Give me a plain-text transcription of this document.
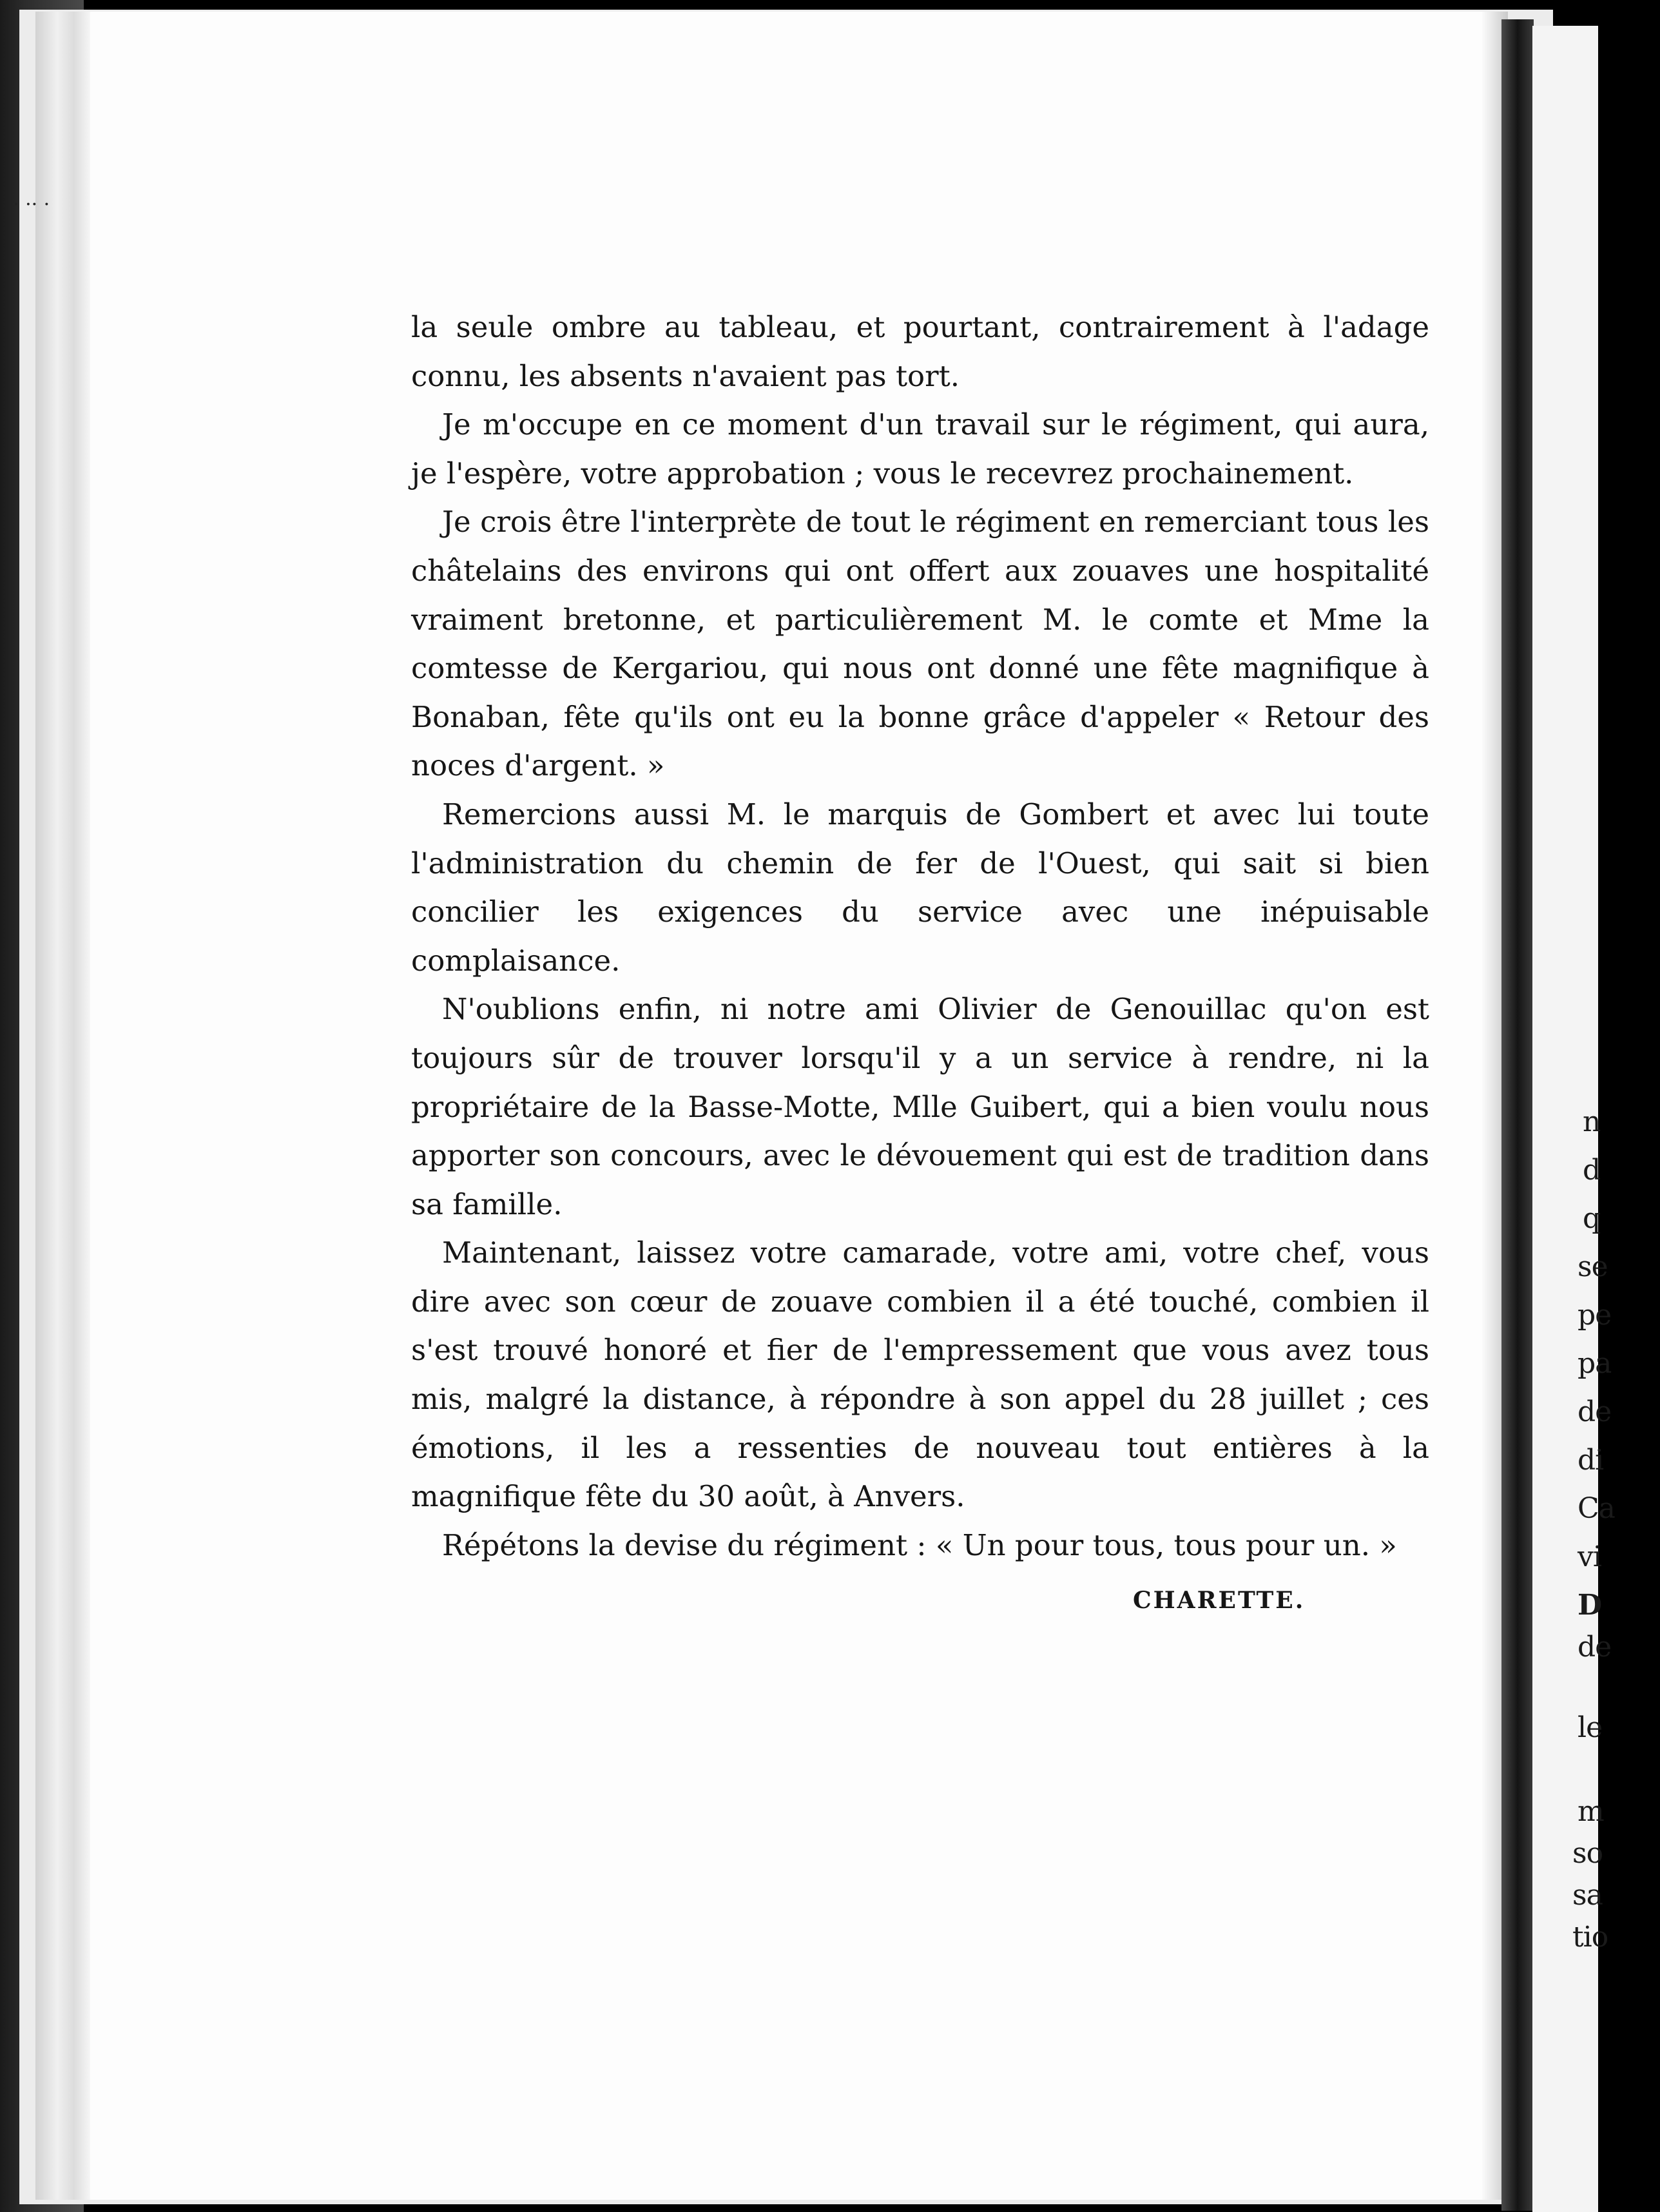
n
d
q
se
pe
pa
de
di
Ca
vi
D
de
le
m
so
sa
tio
· ·· ·

la seule ombre au tableau, et pourtant, contrairement à l'adage connu, les absents n'avaient pas tort.

Je m'occupe en ce moment d'un travail sur le régiment, qui aura, je l'espère, votre approbation ; vous le recevrez prochainement.

Je crois être l'interprète de tout le régiment en remerciant tous les châtelains des environs qui ont offert aux zouaves une hospitalité vraiment bretonne, et particulièrement M. le comte et Mme la comtesse de Kergariou, qui nous ont donné une fête magnifique à Bonaban, fête qu'ils ont eu la bonne grâce d'appeler « Retour des noces d'argent. »

Remercions aussi M. le marquis de Gombert et avec lui toute l'administration du chemin de fer de l'Ouest, qui sait si bien concilier les exigences du service avec une inépuisable complaisance.

N'oublions enfin, ni notre ami Olivier de Genouillac qu'on est toujours sûr de trouver lorsqu'il y a un service à rendre, ni la propriétaire de la Basse-Motte, Mlle Guibert, qui a bien voulu nous apporter son concours, avec le dévouement qui est de tradition dans sa famille.

Maintenant, laissez votre camarade, votre ami, votre chef, vous dire avec son cœur de zouave combien il a été touché, combien il s'est trouvé honoré et fier de l'empressement que vous avez tous mis, malgré la distance, à répondre à son appel du 28 juillet ; ces émotions, il les a ressenties de nouveau tout entières à la magnifique fête du 30 août, à Anvers.

Répétons la devise du régiment : « Un pour tous, tous pour un. »

CHARETTE.
